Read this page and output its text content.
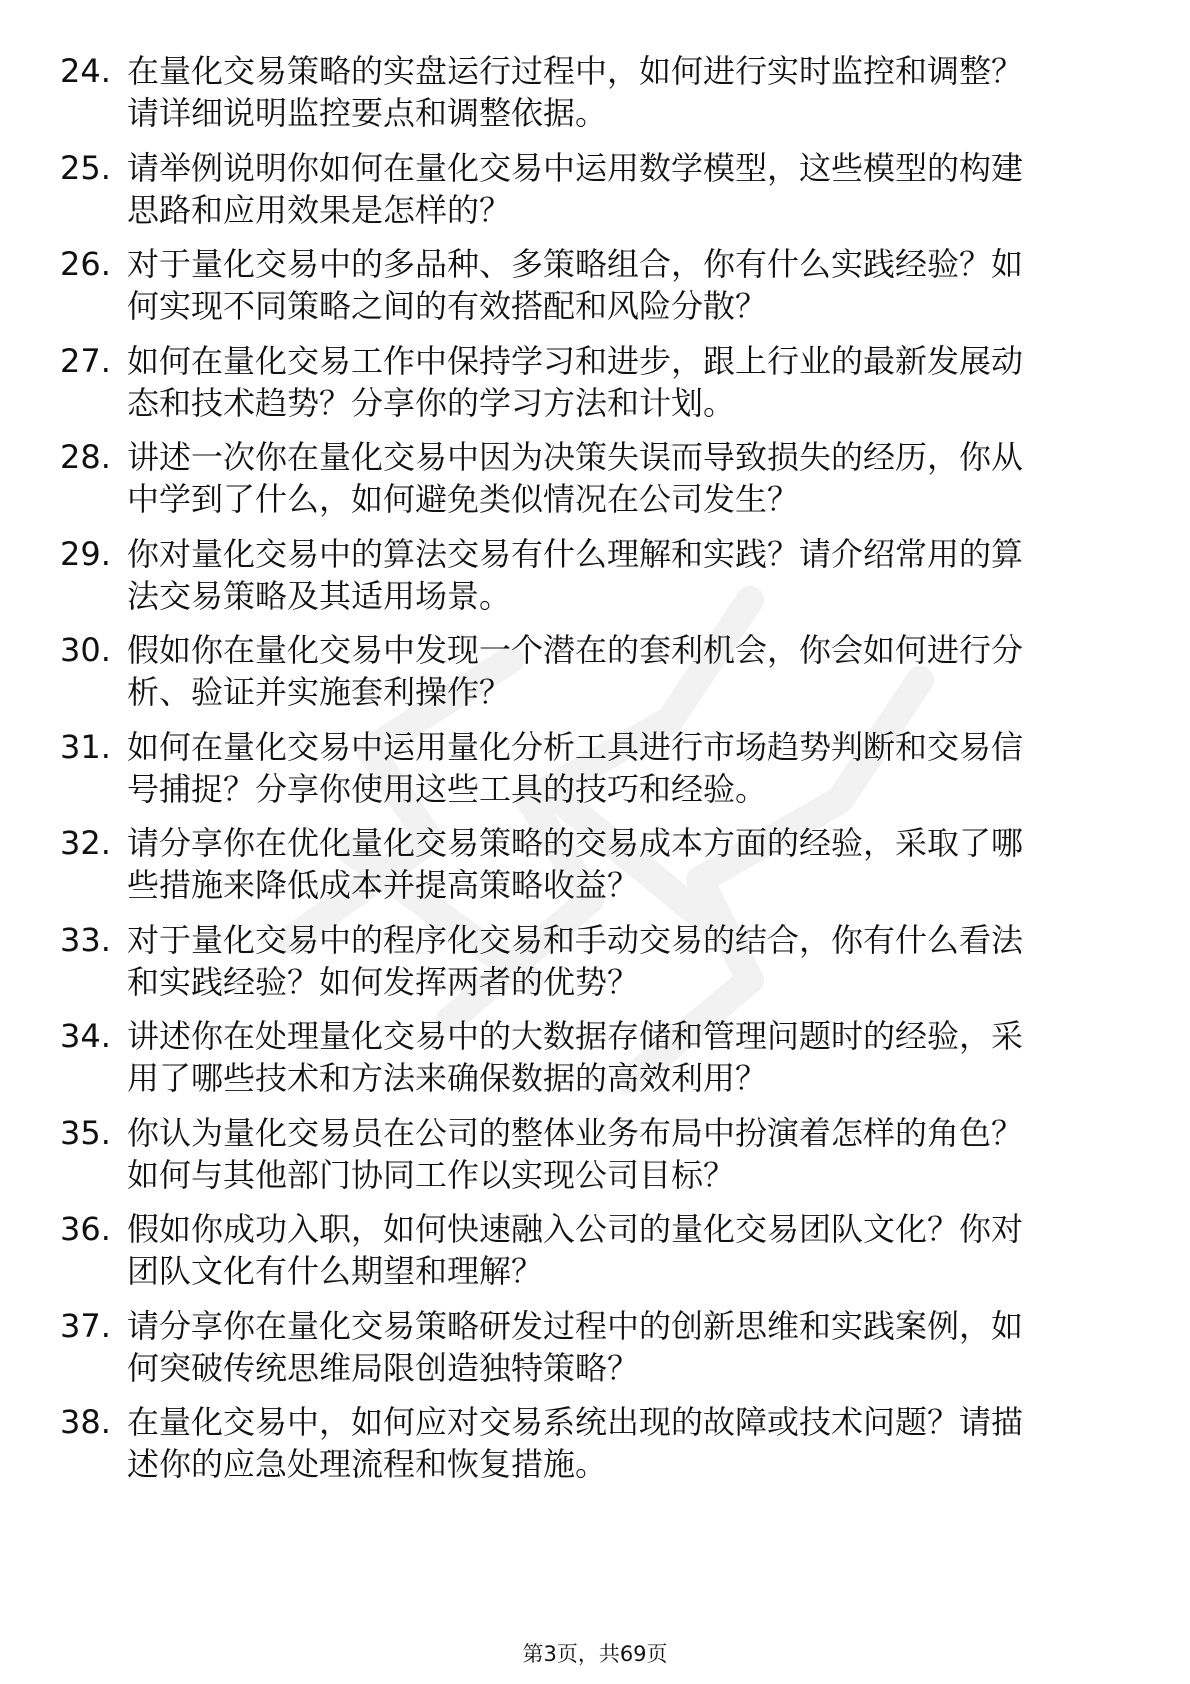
24. 在量化交易策略的实盘运行过程中，如何进行实时监控和调整？
请详细说明监控要点和调整依据。
25. 请举例说明你如何在量化交易中运用数学模型，这些模型的构建
思路和应用效果是怎样的？
26. 对于量化交易中的多品种、多策略组合，你有什么实践经验？如
何实现不同策略之间的有效搭配和风险分散？
27. 如何在量化交易工作中保持学习和进步，跟上行业的最新发展动
态和技术趋势？分享你的学习方法和计划。
28. 讲述一次你在量化交易中因为决策失误而导致损失的经历，你从
中学到了什么，如何避免类似情况在公司发生？
29. 你对量化交易中的算法交易有什么理解和实践？请介绍常用的算
法交易策略及其适用场景。
30. 假如你在量化交易中发现一个潜在的套利机会，你会如何进行分
析、验证并实施套利操作？
31. 如何在量化交易中运用量化分析工具进行市场趋势判断和交易信
号捕捉？分享你使用这些工具的技巧和经验。
32. 请分享你在优化量化交易策略的交易成本方面的经验，采取了哪
些措施来降低成本并提高策略收益？
33. 对于量化交易中的程序化交易和手动交易的结合，你有什么看法
和实践经验？如何发挥两者的优势？
34. 讲述你在处理量化交易中的大数据存储和管理问题时的经验，采
用了哪些技术和方法来确保数据的高效利用？
35. 你认为量化交易员在公司的整体业务布局中扮演着怎样的角色？
如何与其他部门协同工作以实现公司目标？
36. 假如你成功入职，如何快速融入公司的量化交易团队文化？你对
团队文化有什么期望和理解？
37. 请分享你在量化交易策略研发过程中的创新思维和实践案例，如
何突破传统思维局限创造独特策略？
38. 在量化交易中，如何应对交易系统出现的故障或技术问题？请描
述你的应急处理流程和恢复措施。
第3页，共69页
